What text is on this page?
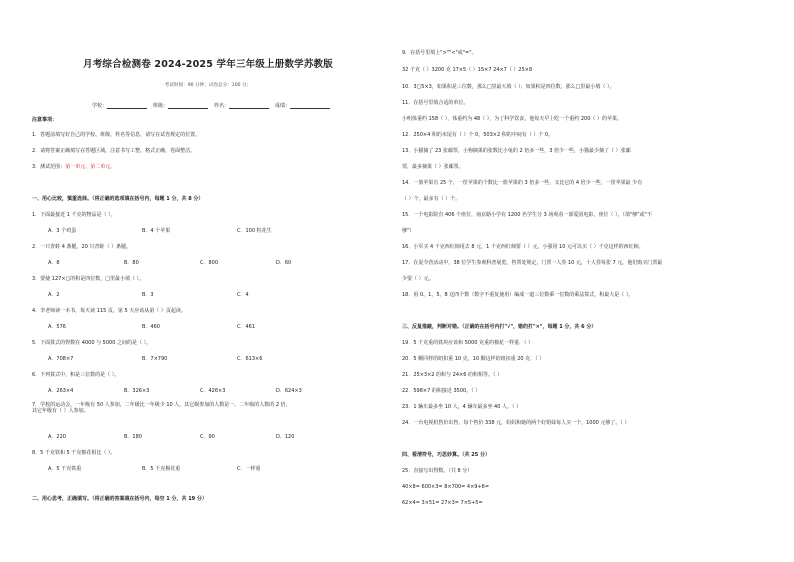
月考综合检测卷 2024-2025 学年三年级上册数学苏教版
考试时间：90 分钟；试卷总分：100 分；
学校：	班级：	姓名：	成绩：
注意事项：
1．答题前填写好自己的学校、班级、姓名等信息，请写在试卷规定的位置。
2．请将答案正确填写在答题区域，注意书写工整，格式正确，卷面整洁。
3．测试范围：第一单元、第二单元。
一、用心比较，慎重选择。（将正确的选项填在括号内，每题 1 分，共 8 分）
1．下面最接近 1 千克的物品是（ ）。
A．3 个鸡蛋	B．4 个苹果	C．100 粒花生
2．一只青蛙 4 条腿，20 只青蛙（ ）条腿。
A．8	B．80	C．800	D．60
3．要使 127×□的积是四位数，□里最小填（ ）。
A．2	B．3	C．4
4．李老师读一本书，每天读 115 页，第 5 天应该从第（ ）页起读。
A．576	B．460	C．461
5．下面算式的得数在 4000 与 5000 之间的是（ ）。
A．708×7	B．7×790	C．613×6
6．下列算式中，积是三位数的是（ ）。
A．263×4	B．326×3	C．426×3	D．624×3
7．学校的运动会，一年级有 50 人参加，二年级比一年级少 10 人，其它级参加的人数是一、二年级的人数的 2 倍，
其它年级有（ ）人参加。
A．220	B．180	C．90	D．120
8．5 千克铁和 5 千克棉花相比（ ）。
A．5 千克铁重	B．5 千克棉花重	C．一样重
二、用心思考，正确填写。（将正确的答案填在括号内，每空 1 分，共 19 分）
9．在括号里填上">""<"或"="。
32 千克（ ）3200 克 17×5（ ）15×7 24×7（ ）25×8
10．3□5×3，如果积是三位数，那么□里最大填（ ）；如果积是四位数，那么□里最小填（ ）。
11．在括号里填合适的单位。
小明体重约 158（ ），体重约为 48（ ），为了科学饮食，他每天早上吃一个重约 200（ ）的苹果。
12．250×4 积的末尾有（ ）个 0，503×2 积的中间有（ ）个 0。
13．小猫摘了 23 张邮票，小狗摘果的张数比小兔的 2 倍多一些，3 倍少一些，小猫最少摘了（ ）张邮
票，最多摘果（ ）张邮票。
14．一篮苹果有 25 个，一筐苹果的个数比一篮苹果的 3 倍多一些，又比它的 4 倍少一些，一筐苹果最 少有
（ ）个，最多有（ ）个。
15．一个电影院有 406 个座位，南京路小学有 1200 名学生分 3 场观看一部爱国电影，座位（ ）。（填"够"或"不
够"）
16．小军买 4 千克西红柿用去 8 元，1 千克西红柿要（ ）元，小强用 10 元可以买（ ）千克这样的西红柿。
17．在夏令营活动中，38 位学生参观科普展览，售票处规定，门票一人券 10 元，十人券每张 7 元，他们购买门票最
少要（ ）元。
18．用 0、1、5、8 这四个数（数字不重复使用）编成一道三位数乘一位数的乘法算式，积最大是（ ）。
三、反复推敲，判断对错。（正确的在括号内打"√"，错的打"×"，每题 1 分，共 6 分）
19．5 千克重的铁块应该和 5000 克重的棉花一样重．（ ）
20．5 颗同样的纽扣重 10 克，10 颗这样的纽扣重 20 克．（ ）
21．25×3×2 的积与 24×6 的积相等。（ ）
22．598×7 的积接近 3500。（ ）
23．1 辆车最多坐 10 人，4 辆车最多坐 40 人。（ ）
24．一台电视机售价出售，每个售价 338 元，妈妈和她的两个好姐妹每人买一个，1000 元够了。（ ）
四、看清符号，巧思妙算。（共 25 分）
25．直接写出得数。（共 8 分）
40×8= 600×3= 8×700= 4×9+6=
62×4= 3×51= 27×3= 7×5+5=
